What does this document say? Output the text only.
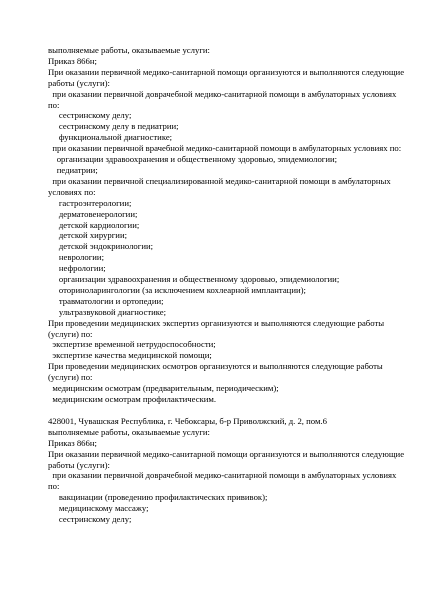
выполняемые работы, оказываемые услуги:
Приказ 866н;
При оказании первичной медико-санитарной помощи организуются и выполняются следующие
работы (услуги):
при оказании первичной доврачебной медико-санитарной помощи в амбулаторных условиях
по:
сестринскому делу;
сестринскому делу в педиатрии;
функциональной диагностике;
при оказании первичной врачебной медико-санитарной помощи в амбулаторных условиях по:
организации здравоохранения и общественному здоровью, эпидемиологии;
педиатрии;
при оказании первичной специализированной медико-санитарной помощи в амбулаторных
условиях по:
гастроэнтерологии;
дерматовенерологии;
детской кардиологии;
детской хирургии;
детской эндокринологии;
неврологии;
нефрологии;
организации здравоохранения и общественному здоровью, эпидемиологии;
оториноларингологии (за исключением кохлеарной имплантации);
травматологии и ортопедии;
ультразвуковой диагностике;
При проведении медицинских экспертиз организуются и выполняются следующие работы
(услуги) по:
экспертизе временной нетрудоспособности;
экспертизе качества медицинской помощи;
При проведении медицинских осмотров организуются и выполняются следующие работы
(услуги) по:
медицинским осмотрам (предварительным, периодическим);
медицинским осмотрам профилактическим.
428001, Чувашская Республика, г. Чебоксары, б-р Приволжский, д. 2, пом.6
выполняемые работы, оказываемые услуги:
Приказ 866н;
При оказании первичной медико-санитарной помощи организуются и выполняются следующие
работы (услуги):
при оказании первичной доврачебной медико-санитарной помощи в амбулаторных условиях
по:
вакцинации (проведению профилактических прививок);
медицинскому массажу;
сестринскому делу;
